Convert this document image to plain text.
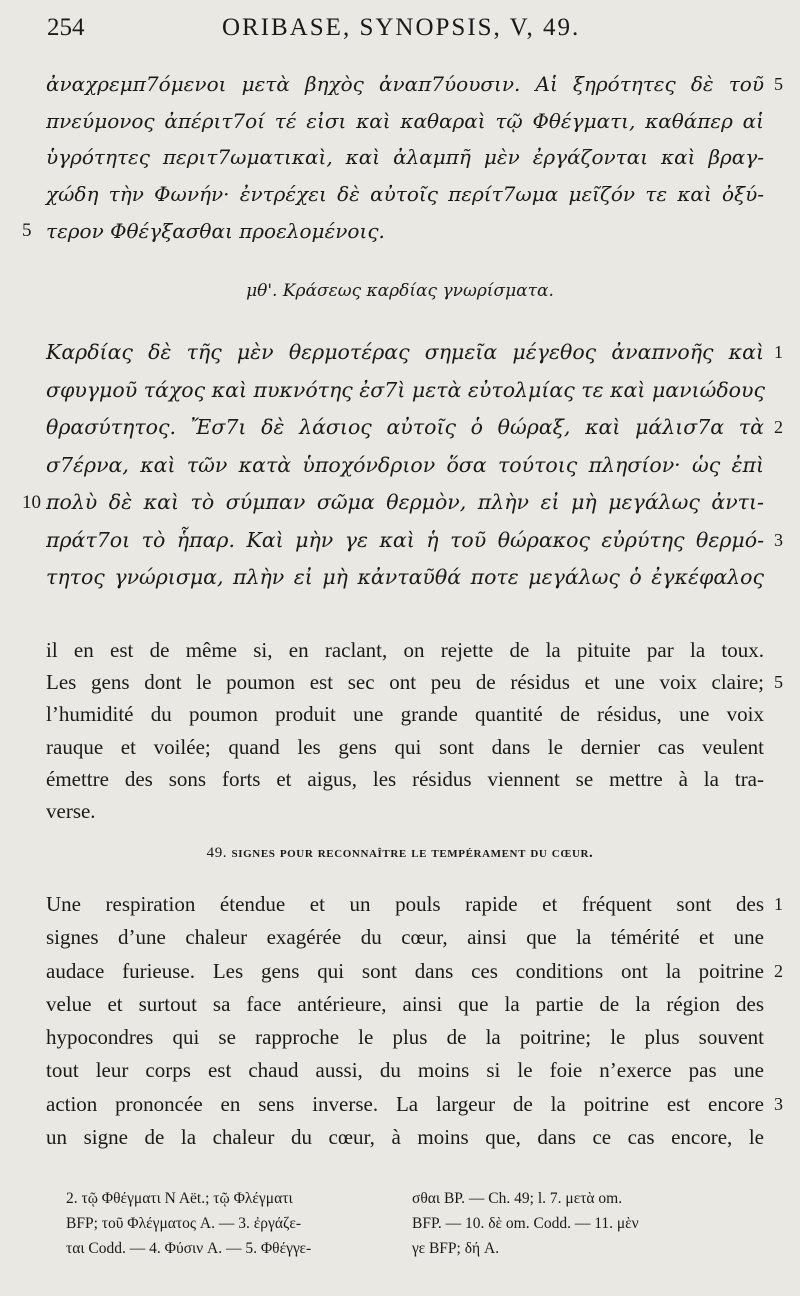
254	ORIBASE, SYNOPSIS, V, 49.
ἀναχρεμπ7όμενοι μετὰ βηχὸς ἀναπ7ύουσιν. Αἱ ξηρότητες δὲ τοῦ 5
πνεύμονος ἀπέριτ7οί τέ εἰσι καὶ καθαραὶ τῷ Φθέγματι, καθάπερ αἱ
ὑγρότητες περιτ7ωματικαὶ, καὶ ἀλαμπῆ μὲν ἐργάζονται καὶ βραγ-
χώδη τὴν Φωνήν· ἐντρέχει δὲ αὐτοῖς περίτ7ωμα μεῖζόν τε καὶ ὀξύ-
5 τερον Φθέγξασθαι προελομένοις.
μθ'. Κράσεως καρδίας γνωρίσματα.
Καρδίας δὲ τῆς μὲν θερμοτέρας σημεῖα μέγεθος ἀναπνοῆς καὶ 1
σφυγμοῦ τάχος καὶ πυκνότης ἐσ7ὶ μετὰ εὐτολμίας τε καὶ μανιώδους
θρασύτητος. Ἔσ7ι δὲ λάσιος αὐτοῖς ὁ θώραξ, καὶ μάλισ7α τὰ 2
σ7έρνα, καὶ τῶν κατὰ ὑποχόνδριον ὅσα τούτοις πλησίον· ὡς ἐπὶ
10 πολὺ δὲ καὶ τὸ σύμπαν σῶμα θερμὸν, πλὴν εἰ μὴ μεγάλως ἀντι-
πράτ7οι τὸ ἧπαρ. Καὶ μὴν γε καὶ ἡ τοῦ θώρακος εὐρύτης θερμό- 3
τητος γνώρισμα, πλὴν εἰ μὴ κἀνταῦθά ποτε μεγάλως ὁ ἐγκέφαλος
il en est de même si, en raclant, on rejette de la pituite par la toux.
Les gens dont le poumon est sec ont peu de résidus et une voix claire; 5
l’humidité du poumon produit une grande quantité de résidus, une voix
rauque et voilée; quand les gens qui sont dans le dernier cas veulent
émettre des sons forts et aigus, les résidus viennent se mettre à la tra-
verse.
49. signes pour reconnaître le tempérament du cœur.
Une respiration étendue et un pouls rapide et fréquent sont des 1
signes d’une chaleur exagérée du cœur, ainsi que la témérité et une
audace furieuse. Les gens qui sont dans ces conditions ont la poitrine 2
velue et surtout sa face antérieure, ainsi que la partie de la région des
hypocondres qui se rapproche le plus de la poitrine; le plus souvent
tout leur corps est chaud aussi, du moins si le foie n’exerce pas une
action prononcée en sens inverse. La largeur de la poitrine est encore 3
un signe de la chaleur du cœur, à moins que, dans ce cas encore, le
2. τῷ Φθέγματι N Aët.; τῷ Φλέγματι
BFP; τοῦ Φλέγματος A. — 3. ἐργάζε-
ται Codd. — 4. Φύσιν A. — 5. Φθέγγε-
σθαι BP. — Ch. 49; l. 7. μετὰ om.
BFP. — 10. δὲ om. Codd. — 11. μὲν
γε BFP; δή A.
